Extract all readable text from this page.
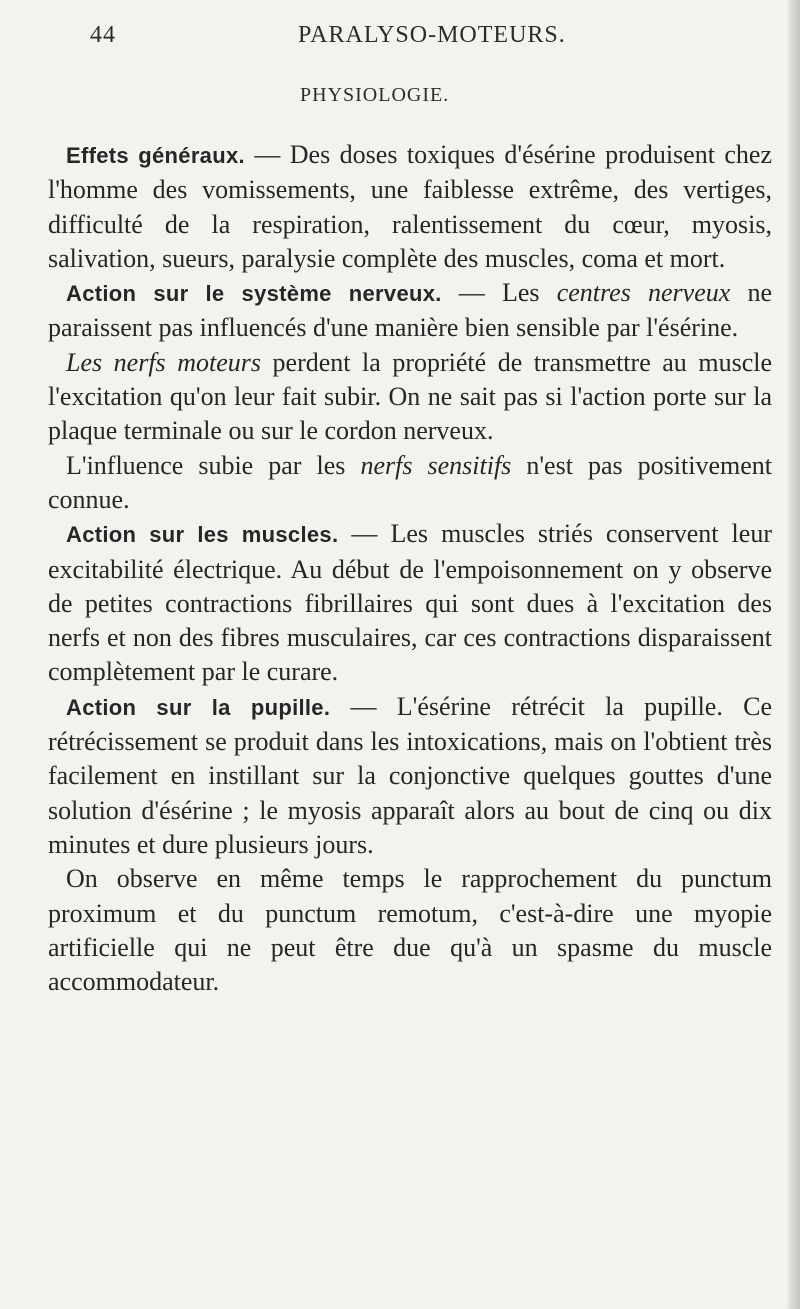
44	PARALYSO-MOTEURS.
PHYSIOLOGIE.

Effets généraux. — Des doses toxiques d'ésérine produisent chez l'homme des vomissements, une faiblesse extrême, des vertiges, difficulté de la respiration, ralentissement du cœur, myosis, salivation, sueurs, paralysie complète des muscles, coma et mort.

Action sur le système nerveux. — Les centres nerveux ne paraissent pas influencés d'une manière bien sensible par l'ésérine.

Les nerfs moteurs perdent la propriété de transmettre au muscle l'excitation qu'on leur fait subir. On ne sait pas si l'action porte sur la plaque terminale ou sur le cordon nerveux.

L'influence subie par les nerfs sensitifs n'est pas positivement connue.

Action sur les muscles. — Les muscles striés conservent leur excitabilité électrique. Au début de l'empoisonnement on y observe de petites contractions fibrillaires qui sont dues à l'excitation des nerfs et non des fibres musculaires, car ces contractions disparaissent complètement par le curare.

Action sur la pupille. — L'ésérine rétrécit la pupille. Ce rétrécissement se produit dans les intoxications, mais on l'obtient très facilement en instillant sur la conjonctive quelques gouttes d'une solution d'ésérine ; le myosis apparaît alors au bout de cinq ou dix minutes et dure plusieurs jours.

On observe en même temps le rapprochement du punctum proximum et du punctum remotum, c'est-à-dire une myopie artificielle qui ne peut être due qu'à un spasme du muscle accommodateur.
